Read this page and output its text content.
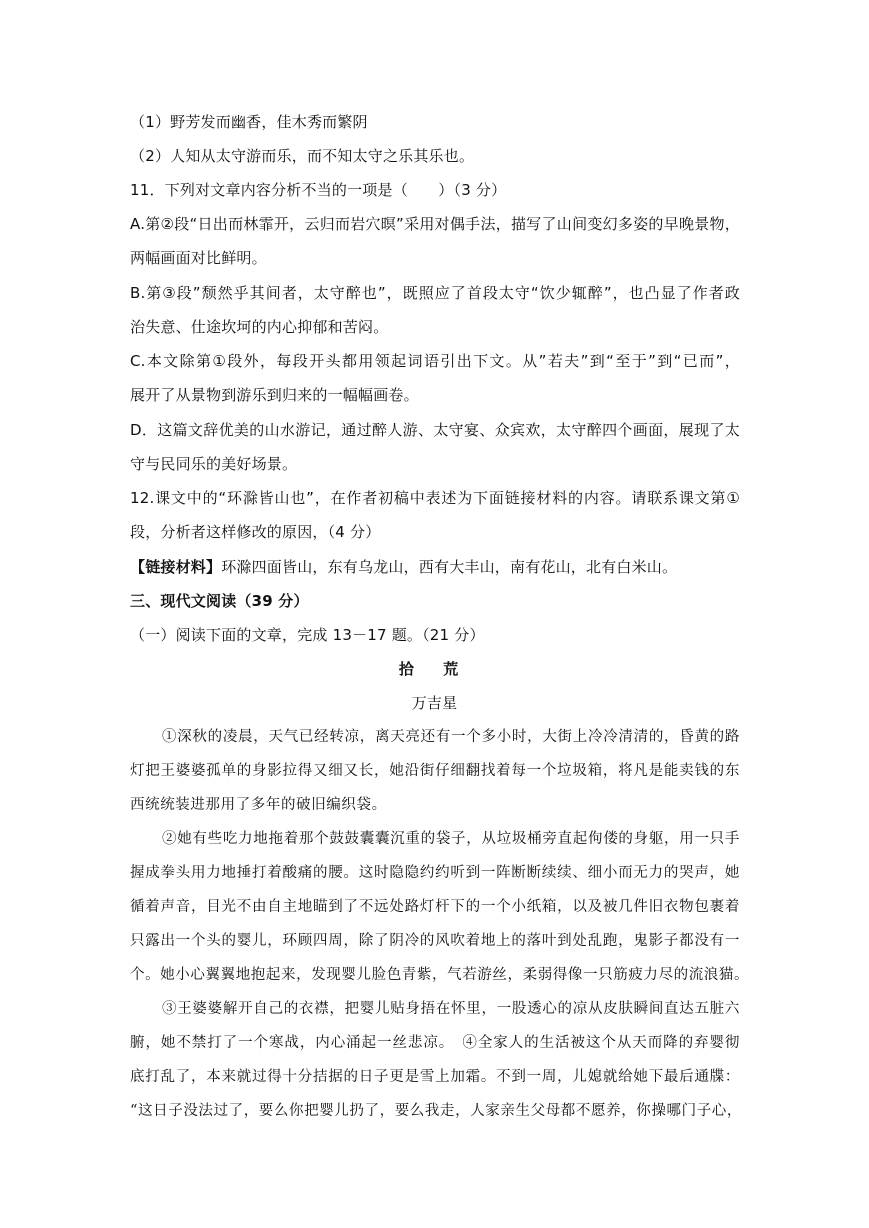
（1）野芳发而幽香，佳木秀而繁阴
（2）人知从太守游而乐，而不知太守之乐其乐也。
11．下列对文章内容分析不当的一项是（　　）（3 分）
A.第②段“日出而林霏开，云归而岩穴暝”采用对偶手法，描写了山间变幻多姿的早晚景物，
两幅画面对比鲜明。
B.第③段”颓然乎其间者，太守醉也”，既照应了首段太守“饮少辄醉”，也凸显了作者政
治失意、仕途坎坷的内心抑郁和苦闷。
C.本文除第①段外，每段开头都用领起词语引出下文。从”若夫”到“至于”到“已而”，
展开了从景物到游乐到归来的一幅幅画卷。
D．这篇文辞优美的山水游记，通过醉人游、太守宴、众宾欢，太守醉四个画面，展现了太
守与民同乐的美好场景。
12.课文中的“环滁皆山也”，在作者初稿中表述为下面链接材料的内容。请联系课文第①
段，分析者这样修改的原因，（4 分）
【链接材料】环滁四面皆山，东有乌龙山，西有大丰山，南有花山，北有白米山。
三、现代文阅读（39 分）
（一）阅读下面的文章，完成 13－17 题。（21 分）
拾 荒
万吉星
①深秋的凌晨，天气已经转凉，离天亮还有一个多小时，大街上冷冷清清的，昏黄的路
灯把王婆婆孤单的身影拉得又细又长，她沿街仔细翻找着每一个垃圾箱，将凡是能卖钱的东
西统统装进那用了多年的破旧编织袋。
②她有些吃力地拖着那个鼓鼓囊囊沉重的袋子，从垃圾桶旁直起佝偻的身躯，用一只手
握成拳头用力地捶打着酸痛的腰。这时隐隐约约听到一阵断断续续、细小而无力的哭声，她
循着声音，目光不由自主地瞄到了不远处路灯杆下的一个小纸箱，以及被几件旧衣物包裹着
只露出一个头的婴儿，环顾四周，除了阴冷的风吹着地上的落叶到处乱跑，鬼影子都没有一
个。她小心翼翼地抱起来，发现婴儿脸色青紫，气若游丝，柔弱得像一只筋疲力尽的流浪猫。
③王婆婆解开自己的衣襟，把婴儿贴身捂在怀里，一股透心的凉从皮肤瞬间直达五脏六
腑，她不禁打了一个寒战，内心涌起一丝悲凉。　④全家人的生活被这个从天而降的弃婴彻
底打乱了，本来就过得十分拮据的日子更是雪上加霜。不到一周，儿媳就给她下最后通牒：
“这日子没法过了，要么你把婴儿扔了，要么我走，人家亲生父母都不愿养，你操哪门子心，
